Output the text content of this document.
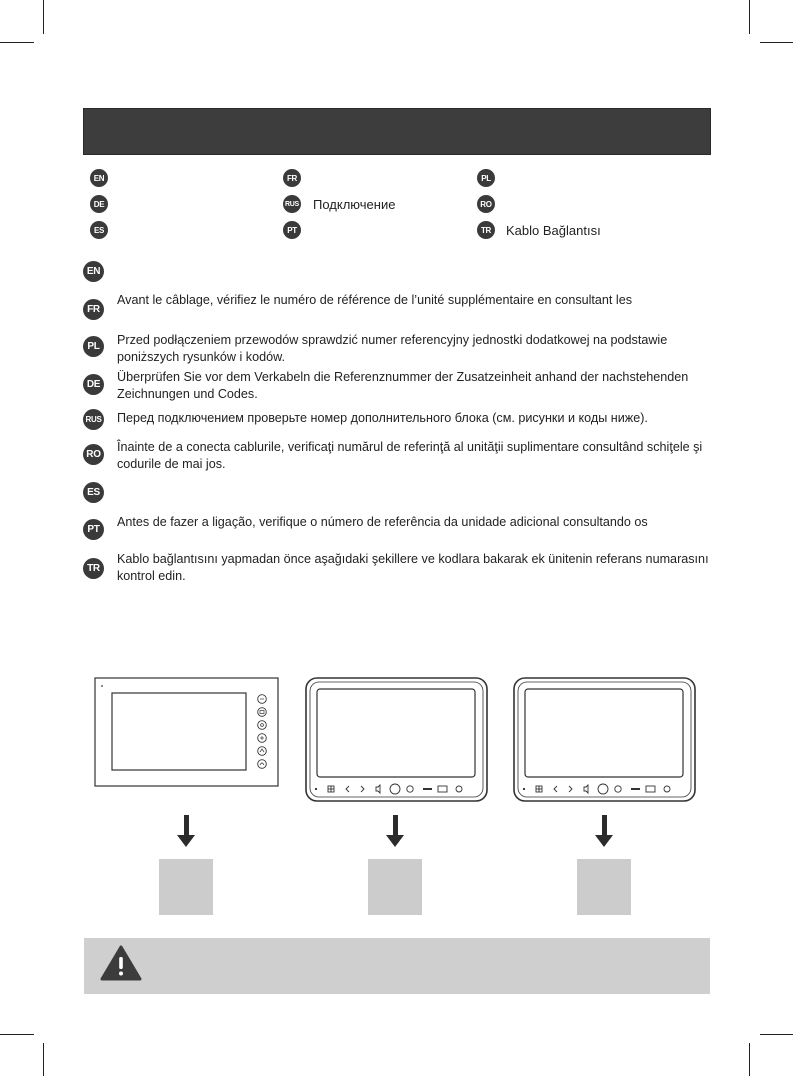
EN	FR	PL
DE	RUS Подключение	RO
ES	PT	TR	Kablo Bağlantısı
EN
FR
Avant le câblage, vérifiez le numéro de référence de l’unité supplémentaire en consultant les
PL	Przed podłączeniem przewodów sprawdzić numer referencyjny jednostki dodatkowej na podstawie poniższych rysunków i kodów.
DE
Überprüfen Sie vor dem Verkabeln die Referenznummer der Zusatzeinheit anhand der nachstehenden Zeichnungen und Codes.
RUS Перед подключением проверьте номер дополнительного блока (см. рисунки и коды ниже).
RO
Înainte de a conecta cablurile, verificaţi numărul de referinţă al unităţii suplimentare consultând schiţele şi codurile de mai jos.
ES
PT
Antes de fazer a ligação, verifique o número de referência da unidade adicional consultando os
TR
Kablo bağlantısını yapmadan önce aşağıdaki şekillere ve kodlara bakarak ek ünitenin referans numarasını kontrol edin.
